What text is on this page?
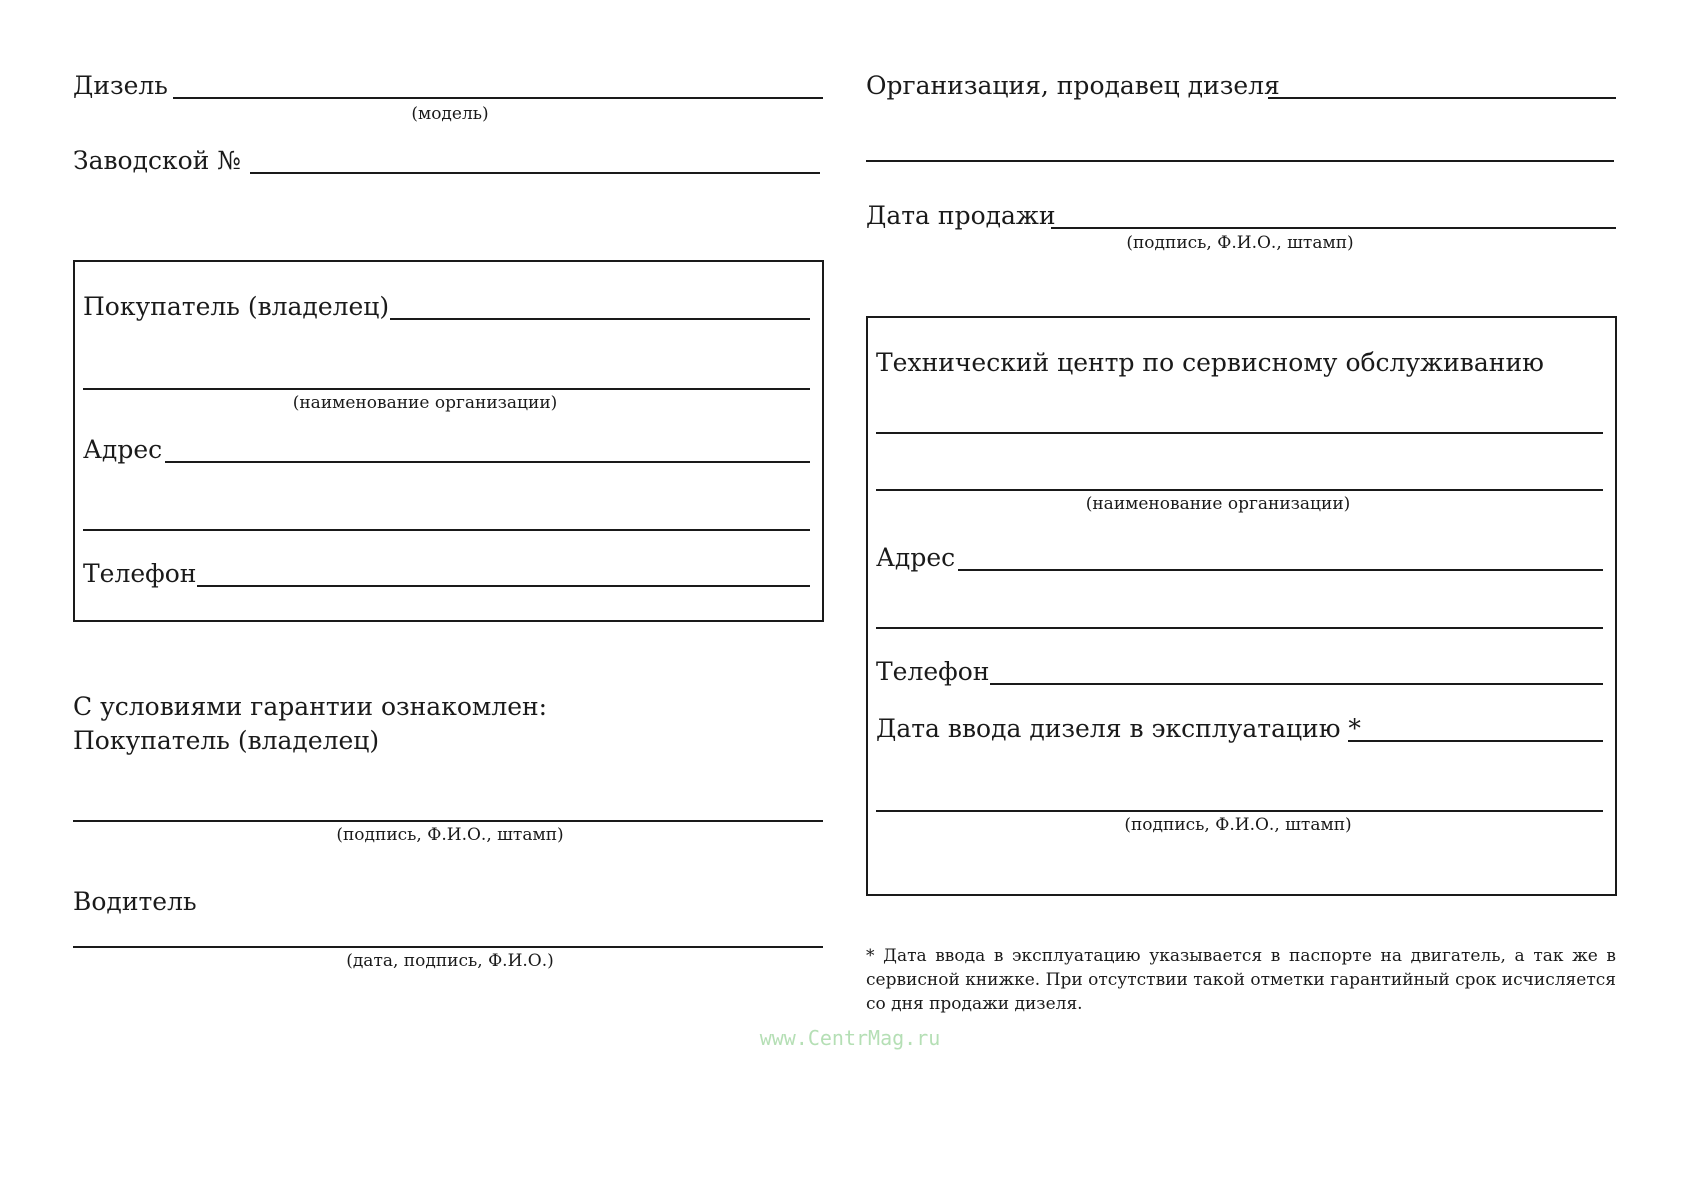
Дизель
(модель)
Заводской №
Покупатель (владелец)
(наименование организации)
Адрес
Телефон
С условиями гарантии ознакомлен:
Покупатель (владелец)
(подпись, Ф.И.О., штамп)
Водитель
(дата, подпись, Ф.И.О.)
Организация, продавец дизеля
Дата продажи
(подпись, Ф.И.О., штамп)
Технический центр по сервисному обслуживанию
(наименование организации)
Адрес
Телефон
Дата ввода дизеля в эксплуатацию *
(подпись, Ф.И.О., штамп)
* Дата ввода в эксплуатацию указывается в паспорте на двигатель, а так же в сервисной книжке. При отсутствии такой отметки гарантийный срок исчисляется со дня продажи дизеля.
www.CentrMag.ru
